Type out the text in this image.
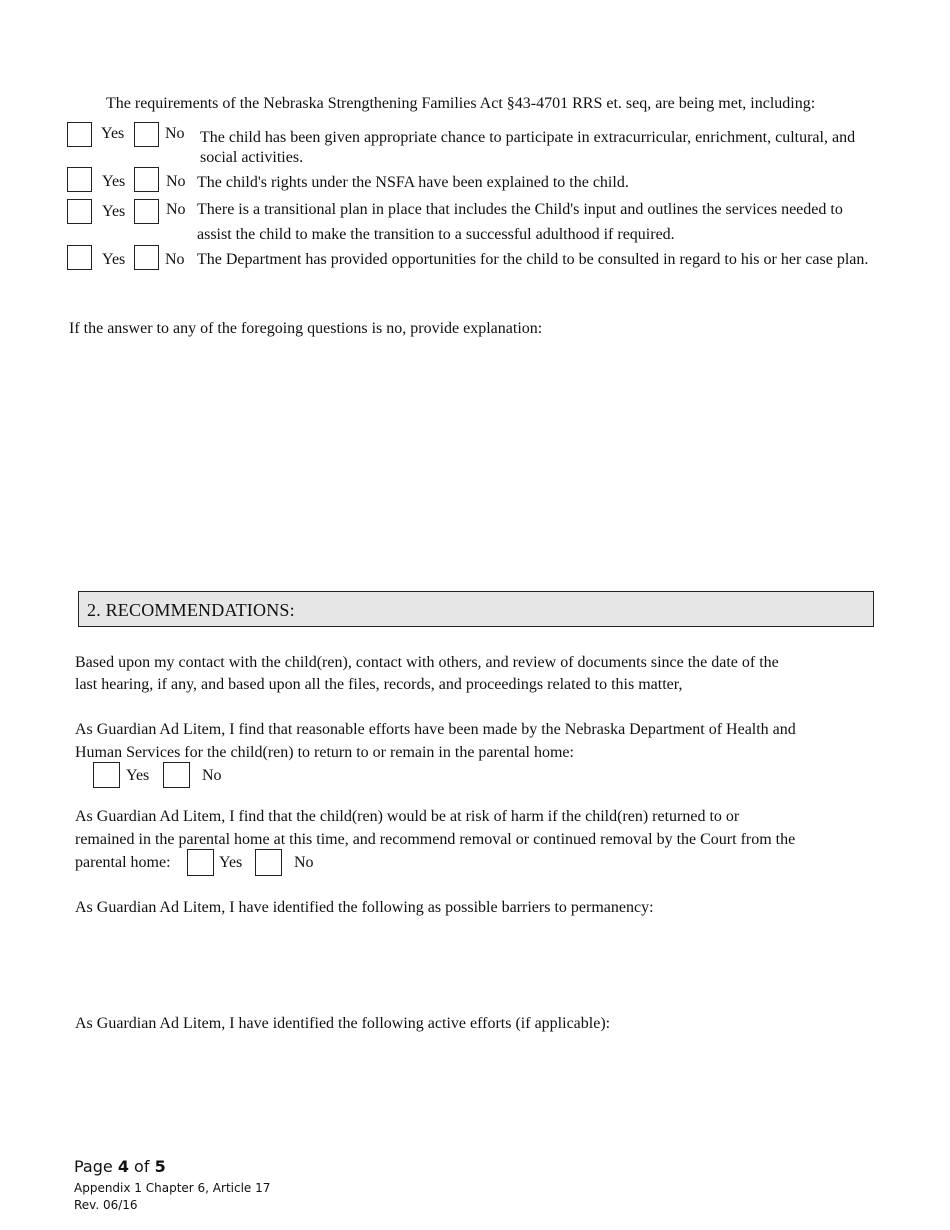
The requirements of the Nebraska Strengthening Families Act §43-4701 RRS et. seq, are being met, including:
Yes	No The child has been given appropriate chance to participate in extracurricular, enrichment, cultural, and
social activities.
Yes	No The child's rights under the NSFA have been explained to the child.
Yes	No There is a transitional plan in place that includes the Child's input and outlines the services needed to
assist the child to make the transition to a successful adulthood if required.
Yes No The Department has provided opportunities for the child to be consulted in regard to his or her case plan.
If the answer to any of the foregoing questions is no, provide explanation:
2. RECOMMENDATIONS:
Based upon my contact with the child(ren), contact with others, and review of documents since the date of the
last hearing, if any, and based upon all the files, records, and proceedings related to this matter,
As Guardian Ad Litem, I find that reasonable efforts have been made by the Nebraska Department of Health and
Human Services for the child(ren) to return to or remain in the parental home:
Yes	No
As Guardian Ad Litem, I find that the child(ren) would be at risk of harm if the child(ren) returned to or
remained in the parental home at this time, and recommend removal or continued removal by the Court from the
parental home:	Yes	No
As Guardian Ad Litem, I have identified the following as possible barriers to permanency:
As Guardian Ad Litem, I have identified the following active efforts (if applicable):
Page 4 of 5
Appendix 1 Chapter 6, Article 17
Rev. 06/16
